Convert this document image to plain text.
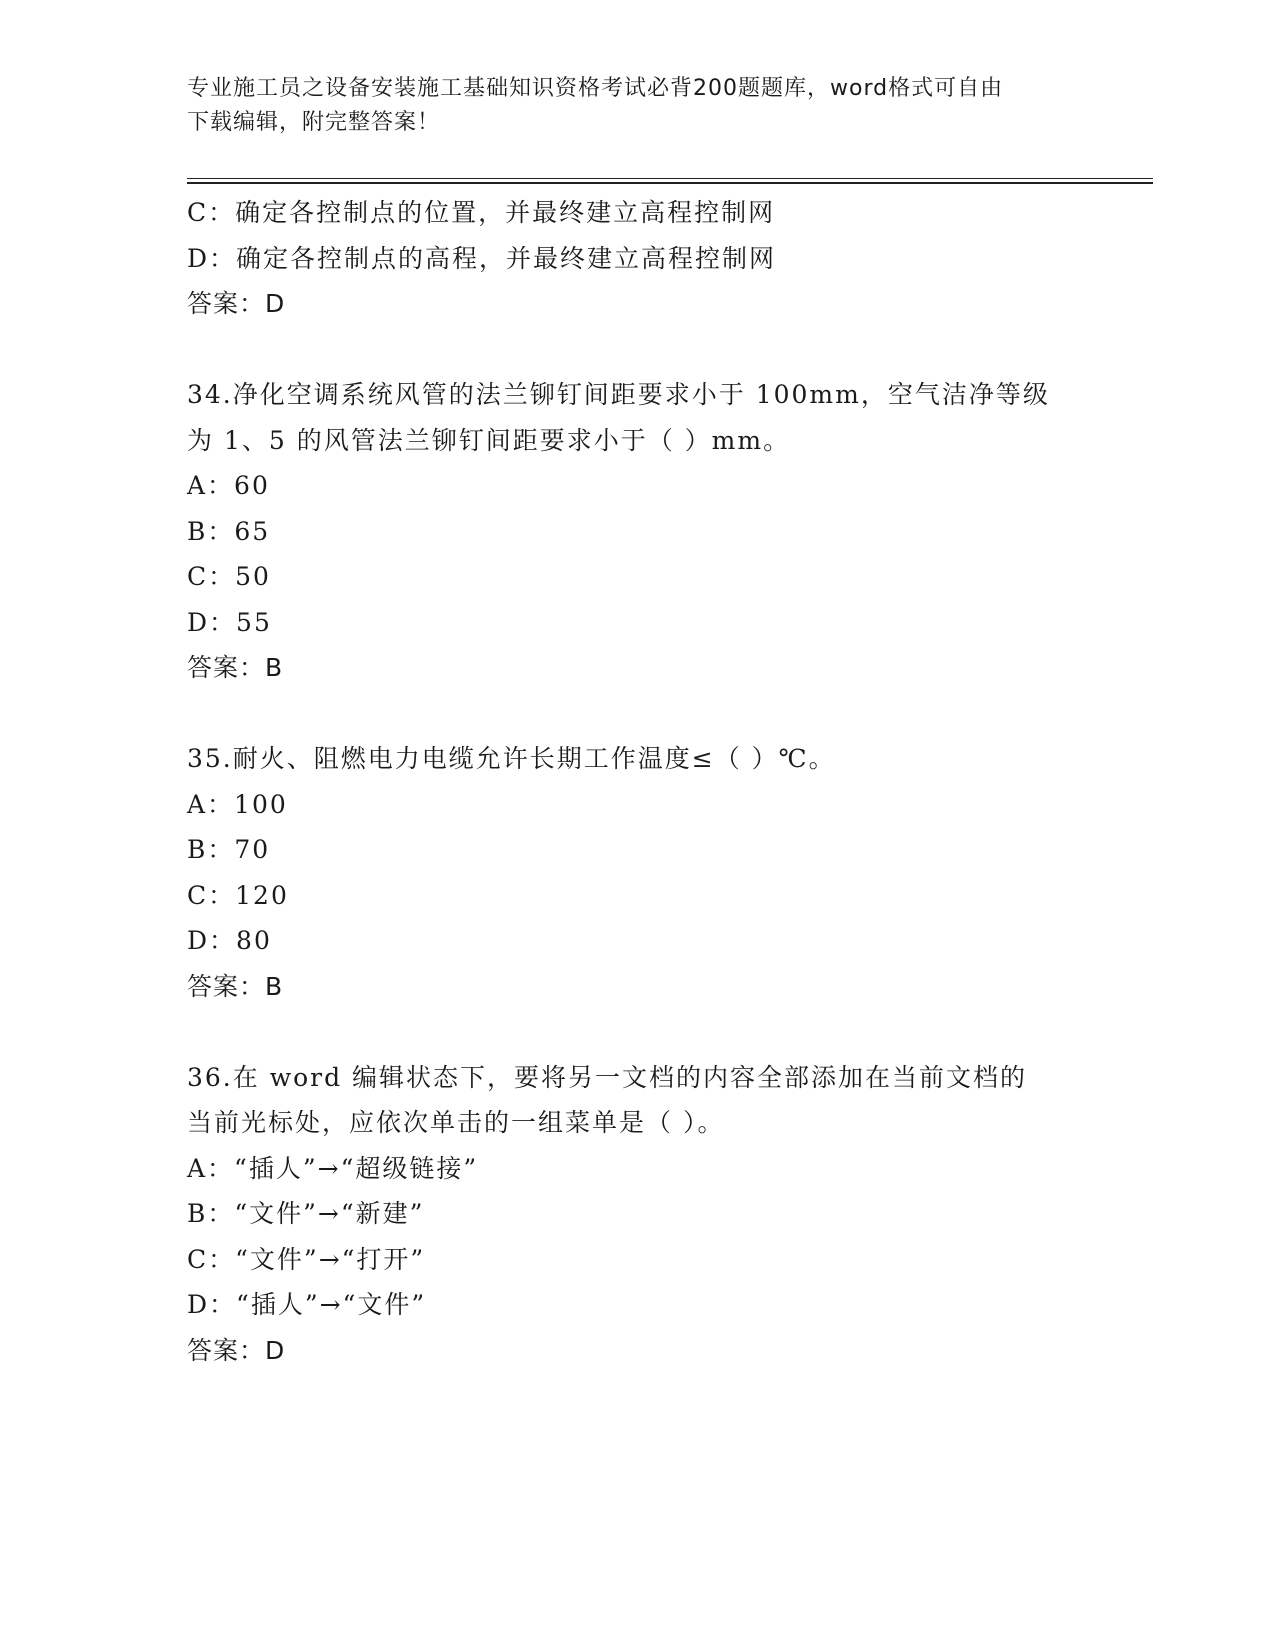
专业施工员之设备安装施工基础知识资格考试必背200题题库，word格式可自由
下载编辑，附完整答案！
C：确定各控制点的位置，并最终建立高程控制网
D：确定各控制点的高程，并最终建立高程控制网
答案：D
34.净化空调系统风管的法兰铆钉间距要求小于 100mm，空气洁净等级
为 1、5 的风管法兰铆钉间距要求小于（ ）mm。
A：60
B：65
C：50
D：55
答案：B
35.耐火、阻燃电力电缆允许长期工作温度≤（ ）℃。
A：100
B：70
C：120
D：80
答案：B
36.在 word 编辑状态下，要将另一文档的内容全部添加在当前文档的
当前光标处，应依次单击的一组菜单是（ ）。
A：“插人”→“超级链接”
B：“文件”→“新建”
C：“文件”→“打开”
D：“插人”→“文件”
答案：D
